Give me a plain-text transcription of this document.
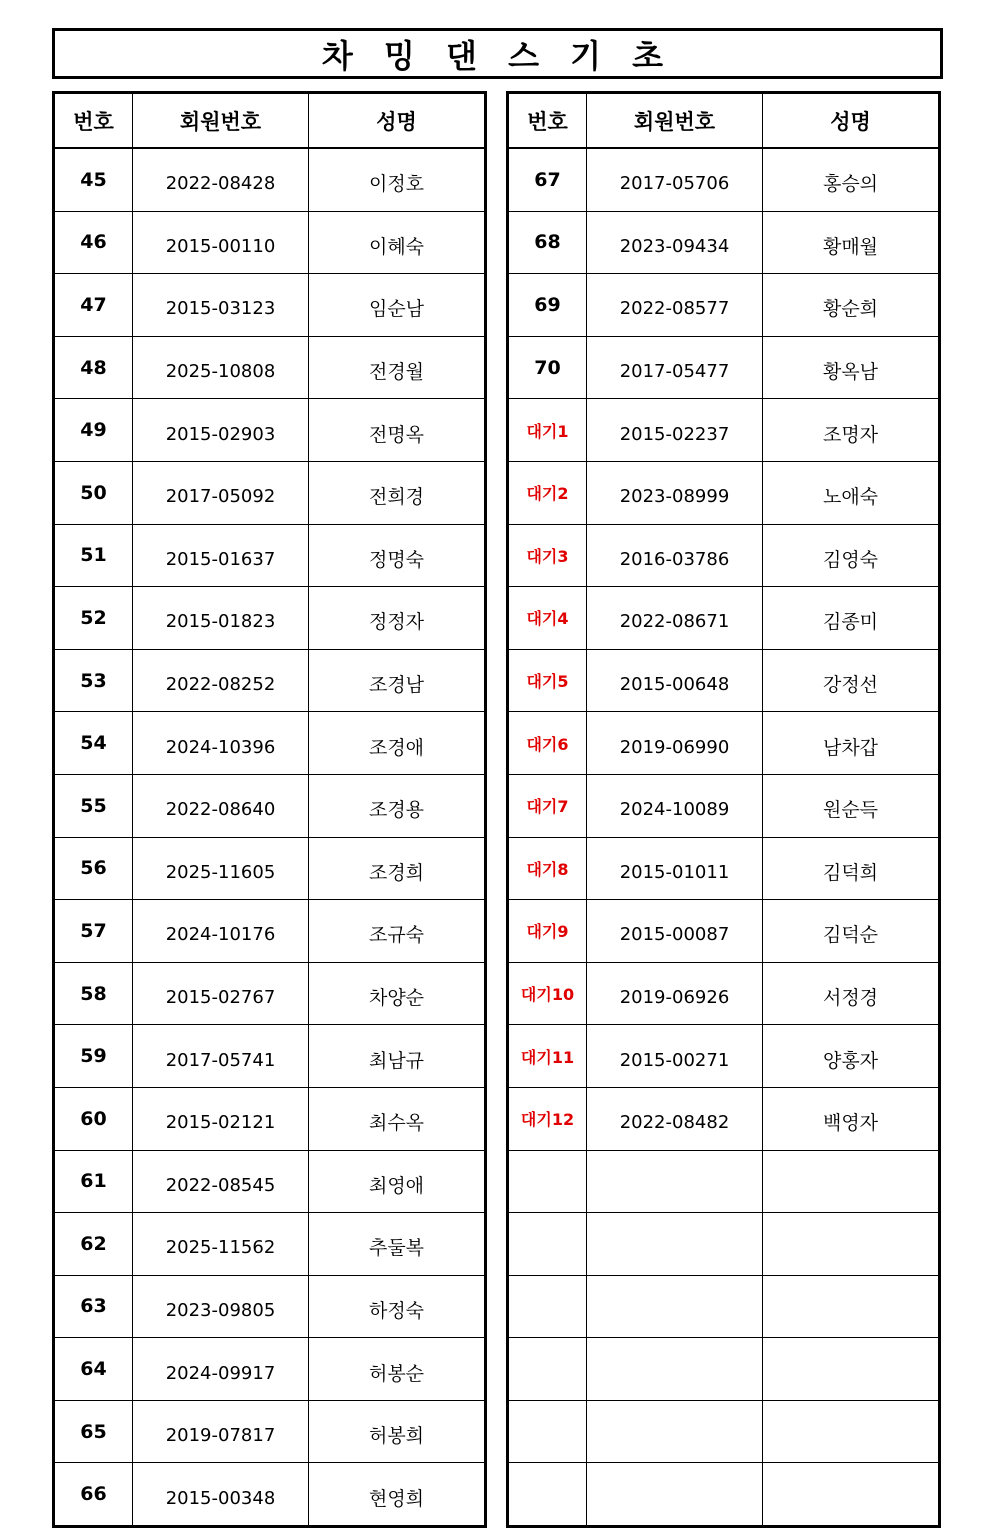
차 밍 댄 스 기 초
번호	회원번호	성명
45	2022-08428	이정호
46	2015-00110	이혜숙
47	2015-03123	임순남
48	2025-10808	전경월
49	2015-02903	전명옥
50	2017-05092	전희경
51	2015-01637	정명숙
52	2015-01823	정정자
53	2022-08252	조경남
54	2024-10396	조경애
55	2022-08640	조경용
56	2025-11605	조경희
57	2024-10176	조규숙
58	2015-02767	차양순
59	2017-05741	최남규
60	2015-02121	최수옥
61	2022-08545	최영애
62	2025-11562	추둘복
63	2023-09805	하정숙
64	2024-09917	허봉순
65	2019-07817	허봉희
66	2015-00348	현영희
번호	회원번호	성명
67	2017-05706	홍승의
68	2023-09434	황매월
69	2022-08577	황순희
70	2017-05477	황옥남
대기1	2015-02237	조명자
대기2	2023-08999	노애숙
대기3	2016-03786	김영숙
대기4	2022-08671	김종미
대기5	2015-00648	강정선
대기6	2019-06990	남차갑
대기7	2024-10089	원순득
대기8	2015-01011	김덕희
대기9	2015-00087	김덕순
대기10	2019-06926	서정경
대기11	2015-00271	양홍자
대기12	2022-08482	백영자
